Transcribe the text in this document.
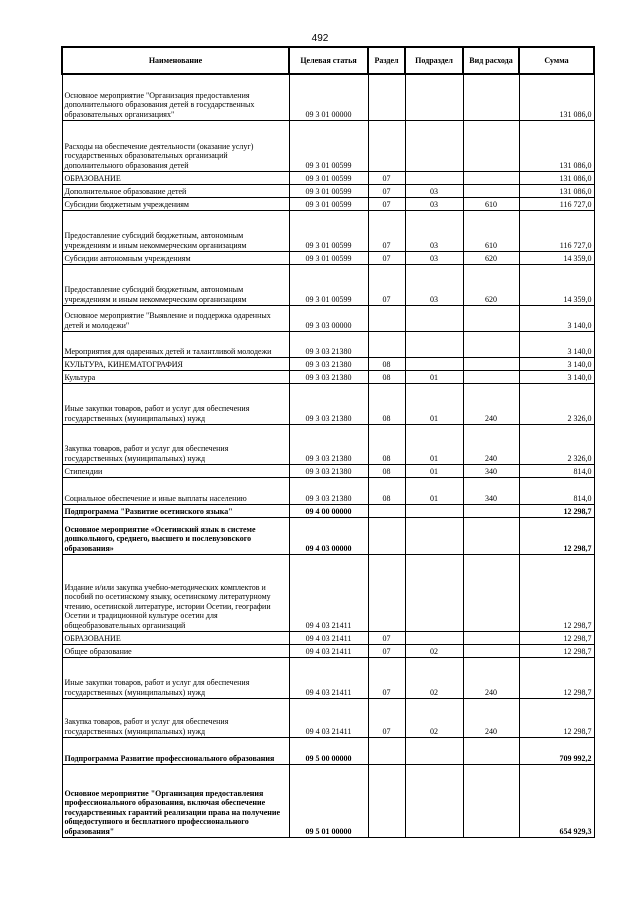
492
Наименование	Целевая статья	Раздел	Подраздел	Вид расхода	Сумма
Основное мероприятие "Организация предоставления дополнительного образования детей в государственных образовательных организациях"	09 3 01 00000				131 086,0
Расходы на обеспечение деятельности (оказание услуг) государственных образовательных организаций дополнительного образования детей	09 3 01 00599				131 086,0
ОБРАЗОВАНИЕ	09 3 01 00599	07			131 086,0
Дополнительное образование детей	09 3 01 00599	07	03		131 086,0
Субсидии бюджетным учреждениям	09 3 01 00599	07	03	610	116 727,0
Предоставление субсидий бюджетным, автономным учреждениям и иным некоммерческим организациям	09 3 01 00599	07	03	610	116 727,0
Субсидии автономным учреждениям	09 3 01 00599	07	03	620	14 359,0
Предоставление субсидий бюджетным, автономным учреждениям и иным некоммерческим организациям	09 3 01 00599	07	03	620	14 359,0
Основное мероприятие "Выявление и поддержка одаренных детей и молодежи"	09 3 03 00000				3 140,0
Мероприятия для одаренных детей и талантливой молодежи	09 3 03 21380				3 140,0
КУЛЬТУРА, КИНЕМАТОГРАФИЯ	09 3 03 21380	08			3 140,0
Культура	09 3 03 21380	08	01		3 140,0
Иные закупки товаров, работ и услуг для обеспечения государственных (муниципальных) нужд	09 3 03 21380	08	01	240	2 326,0
Закупка товаров, работ и услуг для обеспечения государственных (муниципальных) нужд	09 3 03 21380	08	01	240	2 326,0
Стипендии	09 3 03 21380	08	01	340	814,0
Социальное обеспечение и иные выплаты населению	09 3 03 21380	08	01	340	814,0
Подпрограмма "Развитие осетинского языка"	09 4 00 00000				12 298,7
Основное мероприятие «Осетинский язык в системе дошкольного, среднего, высшего и послевузовского образования»	09 4 03 00000				12 298,7
Издание и/или закупка учебно-методических комплектов и пособий по осетинскому языку, осетинскому литературному чтению, осетинской литературе, истории Осетии, географии Осетии и традиционной культуре осетин для общеобразовательных организаций	09 4 03 21411				12 298,7
ОБРАЗОВАНИЕ	09 4 03 21411	07			12 298,7
Общее образование	09 4 03 21411	07	02		12 298,7
Иные закупки товаров, работ и услуг для обеспечения государственных (муниципальных) нужд	09 4 03 21411	07	02	240	12 298,7
Закупка товаров, работ и услуг для обеспечения государственных (муниципальных) нужд	09 4 03 21411	07	02	240	12 298,7
Подпрограмма Развитие профессионального образования	09 5 00 00000				709 992,2
Основное мероприятие "Организация предоставления профессионального образования, включая обеспечение государственных гарантий реализации права на получение общедоступного и бесплатного профессионального образования"	09 5 01 00000				654 929,3
